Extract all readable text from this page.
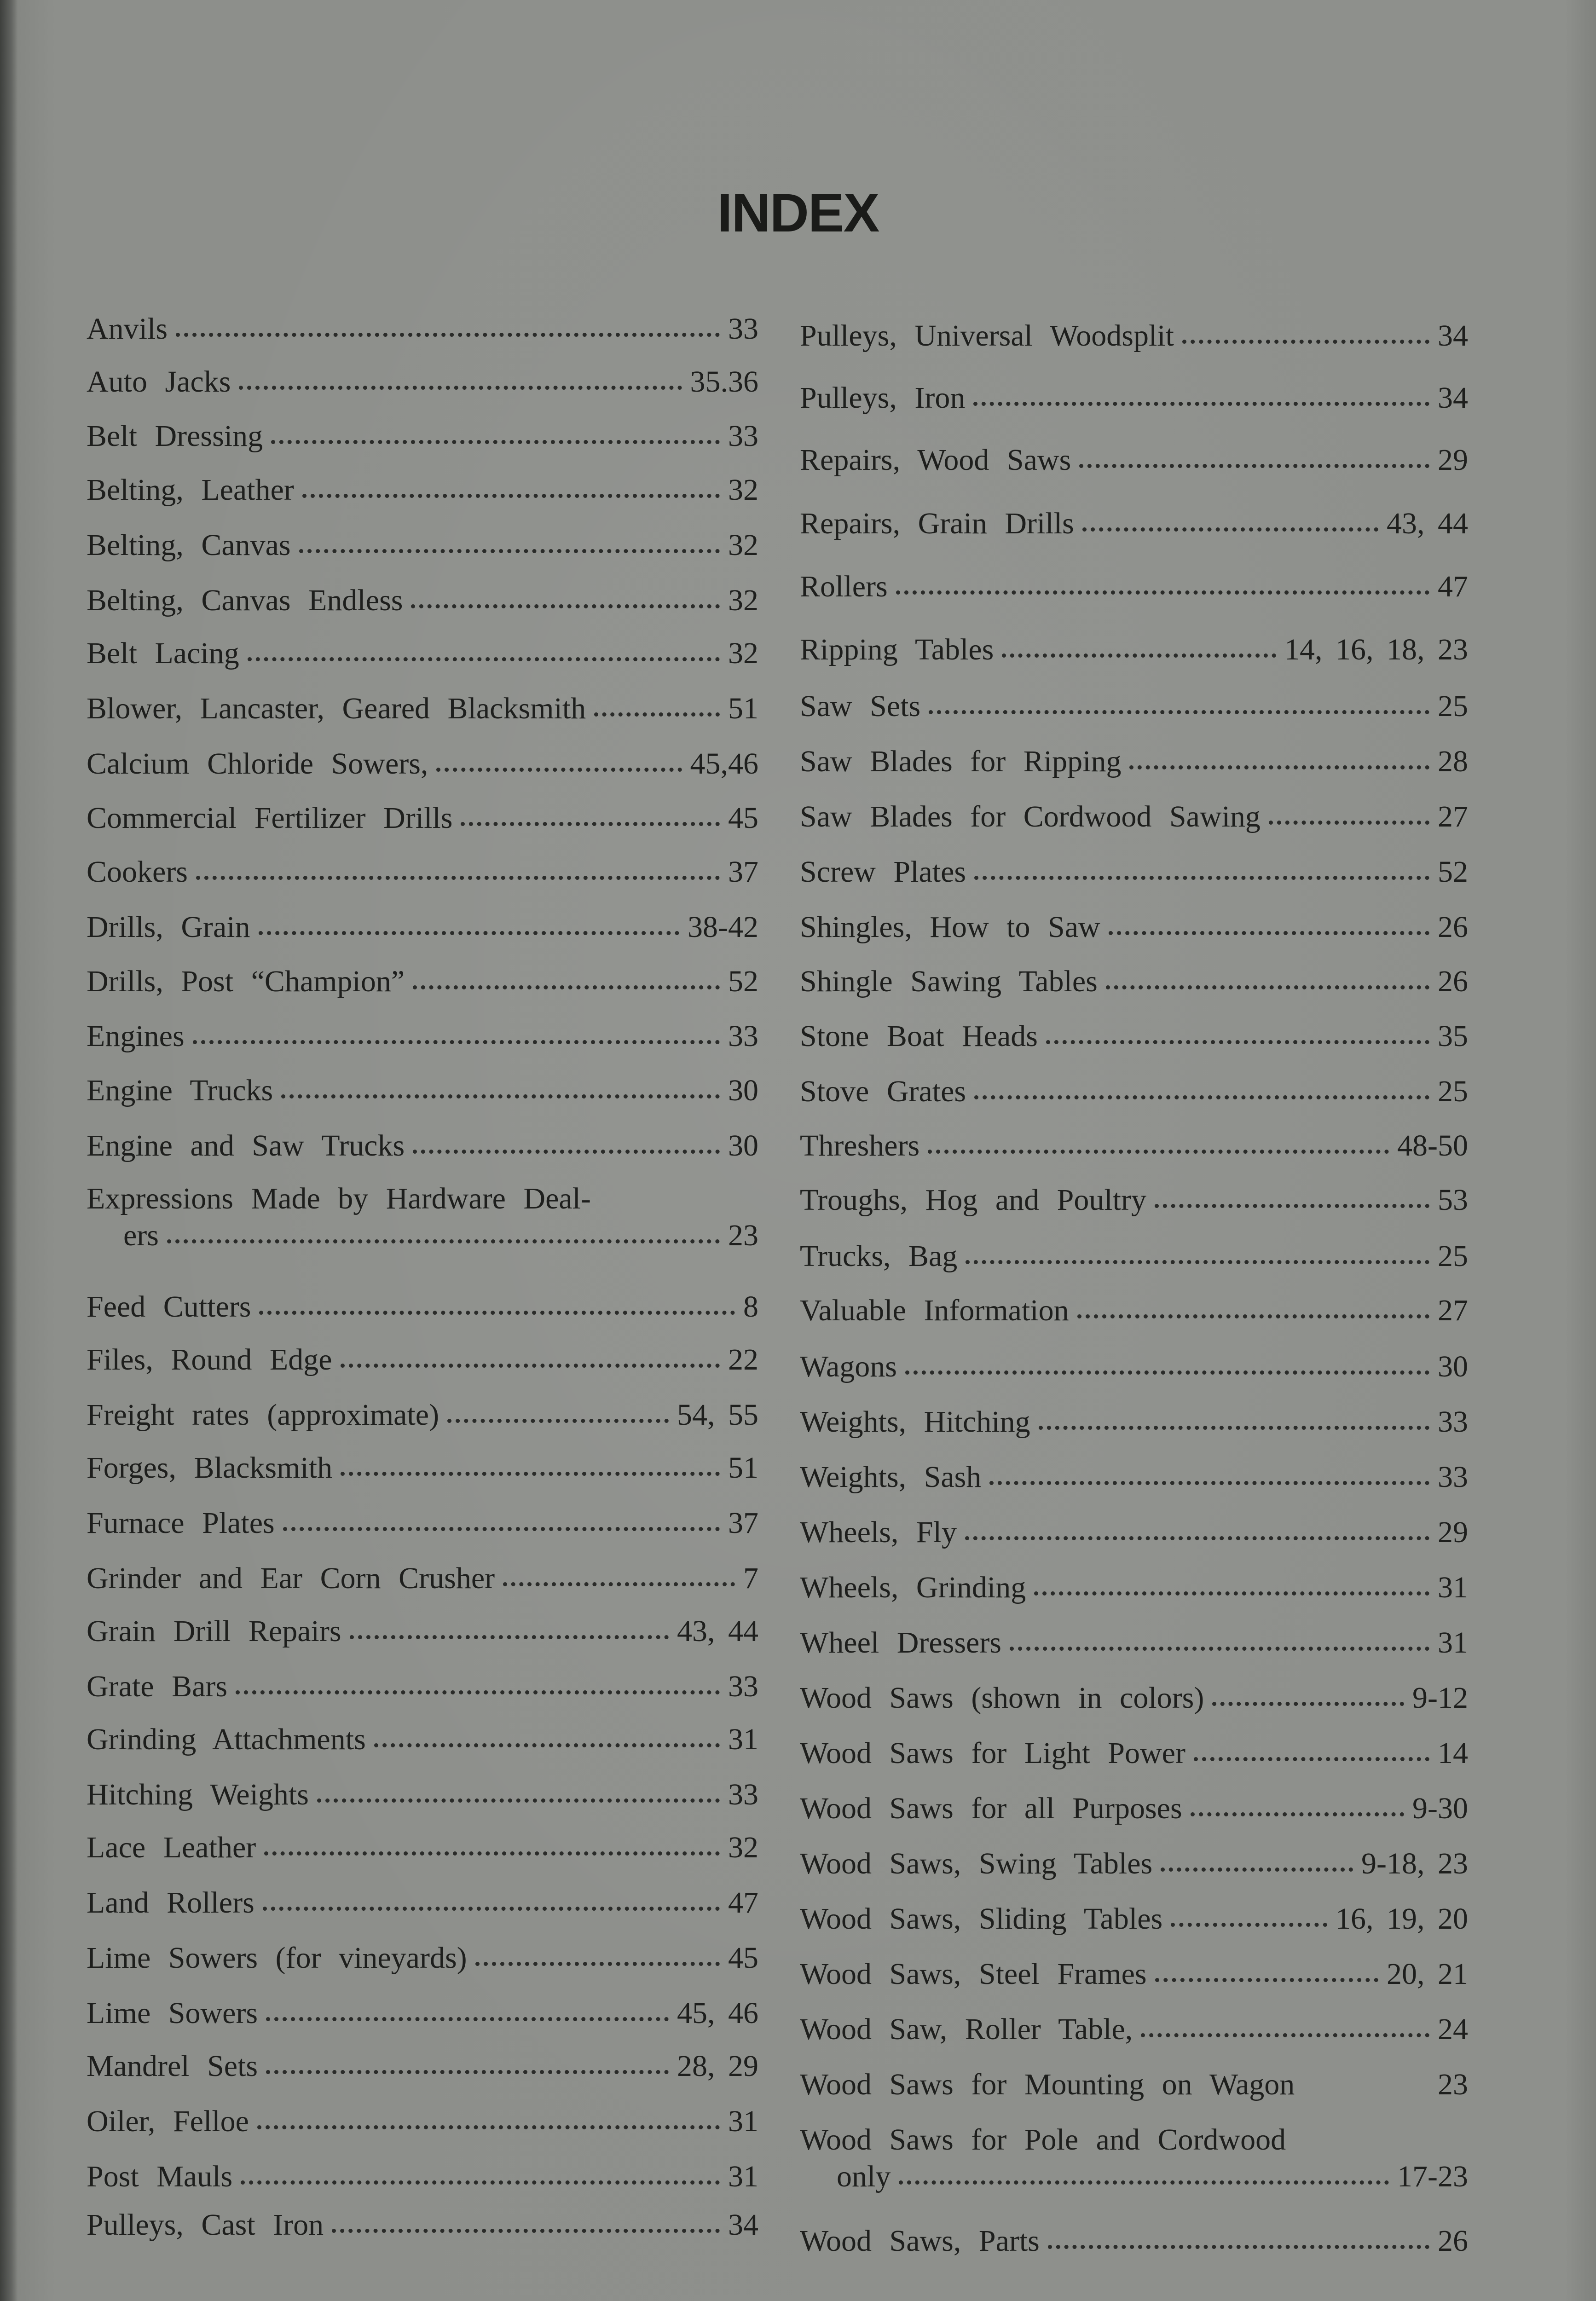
INDEX
Anvils	33
Auto Jacks	35.36
Belt Dressing	33
Belting, Leather	32
Belting, Canvas	32
Belting, Canvas Endless	32
Belt Lacing	32
Blower, Lancaster, Geared Blacksmith	51
Calcium Chloride Sowers,	45,46
Commercial Fertilizer Drills	45
Cookers	37
Drills, Grain	38-42
Drills, Post “Champion”	52
Engines	33
Engine Trucks	30
Engine and Saw Trucks	30
Expressions Made by Hardware Deal-
ers	23
Feed Cutters	8
Files, Round Edge	22
Freight rates (approximate)	54, 55
Forges, Blacksmith	51
Furnace Plates	37
Grinder and Ear Corn Crusher	7
Grain Drill Repairs	43, 44
Grate Bars	33
Grinding Attachments	31
Hitching Weights	33
Lace Leather	32
Land Rollers	47
Lime Sowers (for vineyards)	45
Lime Sowers	45, 46
Mandrel Sets	28, 29
Oiler, Felloe	31
Post Mauls	31
Pulleys, Cast Iron	34
Pulleys, Universal Woodsplit	34
Pulleys, Iron	34
Repairs, Wood Saws	29
Repairs, Grain Drills	43, 44
Rollers	47
Ripping Tables	14, 16, 18, 23
Saw Sets	25
Saw Blades for Ripping	28
Saw Blades for Cordwood Sawing	27
Screw Plates	52
Shingles, How to Saw	26
Shingle Sawing Tables	26
Stone Boat Heads	35
Stove Grates	25
Threshers	48-50
Troughs, Hog and Poultry	53
Trucks, Bag	25
Valuable Information	27
Wagons	30
Weights, Hitching	33
Weights, Sash	33
Wheels, Fly	29
Wheels, Grinding	31
Wheel Dressers	31
Wood Saws (shown in colors)	9-12
Wood Saws for Light Power	14
Wood Saws for all Purposes	9-30
Wood Saws, Swing Tables	9-18, 23
Wood Saws, Sliding Tables	16, 19, 20
Wood Saws, Steel Frames	20, 21
Wood Saw, Roller Table,	24
Wood Saws for Mounting on Wagon	23
Wood Saws for Pole and Cordwood
only	17-23
Wood Saws, Parts	26
